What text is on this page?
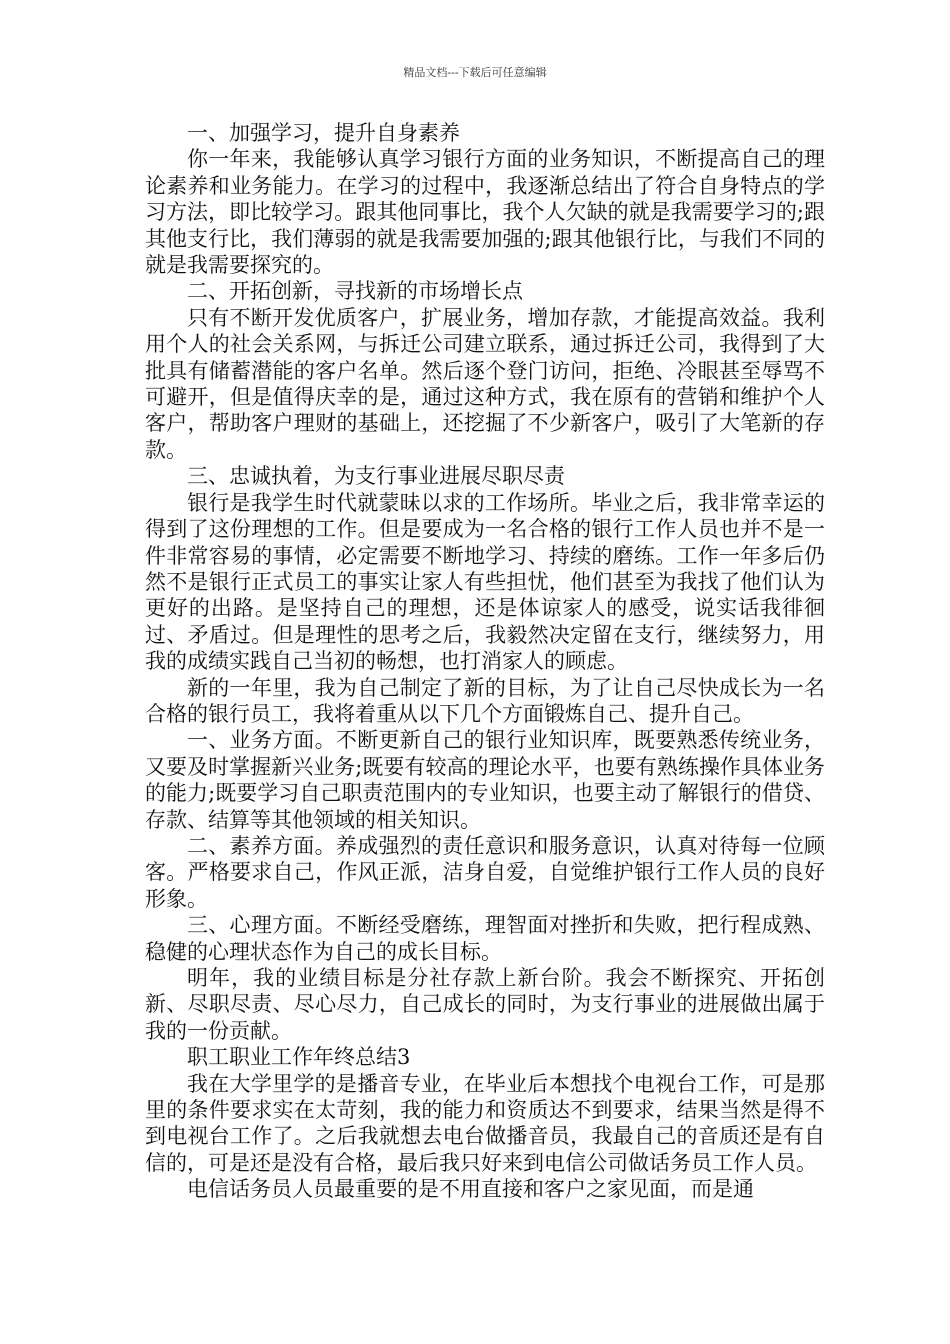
精品文档---下载后可任意编辑

一、加强学习，提升自身素养

你一年来，我能够认真学习银行方面的业务知识，不断提高自己的理论素养和业务能力。在学习的过程中，我逐渐总结出了符合自身特点的学习方法，即比较学习。跟其他同事比，我个人欠缺的就是我需要学习的;跟其他支行比，我们薄弱的就是我需要加强的;跟其他银行比，与我们不同的就是我需要探究的。

二、开拓创新，寻找新的市场增长点

只有不断开发优质客户，扩展业务，增加存款，才能提高效益。我利用个人的社会关系网，与拆迁公司建立联系，通过拆迁公司，我得到了大批具有储蓄潜能的客户名单。然后逐个登门访问，拒绝、冷眼甚至辱骂不可避开，但是值得庆幸的是，通过这种方式，我在原有的营销和维护个人客户，帮助客户理财的基础上，还挖掘了不少新客户，吸引了大笔新的存款。

三、忠诚执着，为支行事业进展尽职尽责

银行是我学生时代就蒙昧以求的工作场所。毕业之后，我非常幸运的得到了这份理想的工作。但是要成为一名合格的银行工作人员也并不是一件非常容易的事情，必定需要不断地学习、持续的磨练。工作一年多后仍然不是银行正式员工的事实让家人有些担忧，他们甚至为我找了他们认为更好的出路。是坚持自己的理想，还是体谅家人的感受，说实话我徘徊过、矛盾过。但是理性的思考之后，我毅然决定留在支行，继续努力，用我的成绩实践自己当初的畅想，也打消家人的顾虑。

新的一年里，我为自己制定了新的目标，为了让自己尽快成长为一名合格的银行员工，我将着重从以下几个方面锻炼自己、提升自己。

一、业务方面。不断更新自己的银行业知识库，既要熟悉传统业务，又要及时掌握新兴业务;既要有较高的理论水平，也要有熟练操作具体业务的能力;既要学习自己职责范围内的专业知识，也要主动了解银行的借贷、存款、结算等其他领域的相关知识。

二、素养方面。养成强烈的责任意识和服务意识，认真对待每一位顾客。严格要求自己，作风正派，洁身自爱，自觉维护银行工作人员的良好形象。

三、心理方面。不断经受磨练，理智面对挫折和失败，把行程成熟、稳健的心理状态作为自己的成长目标。

明年，我的业绩目标是分社存款上新台阶。我会不断探究、开拓创新、尽职尽责、尽心尽力，自己成长的同时，为支行事业的进展做出属于我的一份贡献。

职工职业工作年终总结3

我在大学里学的是播音专业，在毕业后本想找个电视台工作，可是那里的条件要求实在太苛刻，我的能力和资质达不到要求，结果当然是得不到电视台工作了。之后我就想去电台做播音员，我最自己的音质还是有自信的，可是还是没有合格，最后我只好来到电信公司做话务员工作人员。

电信话务员人员最重要的是不用直接和客户之家见面，而是通
